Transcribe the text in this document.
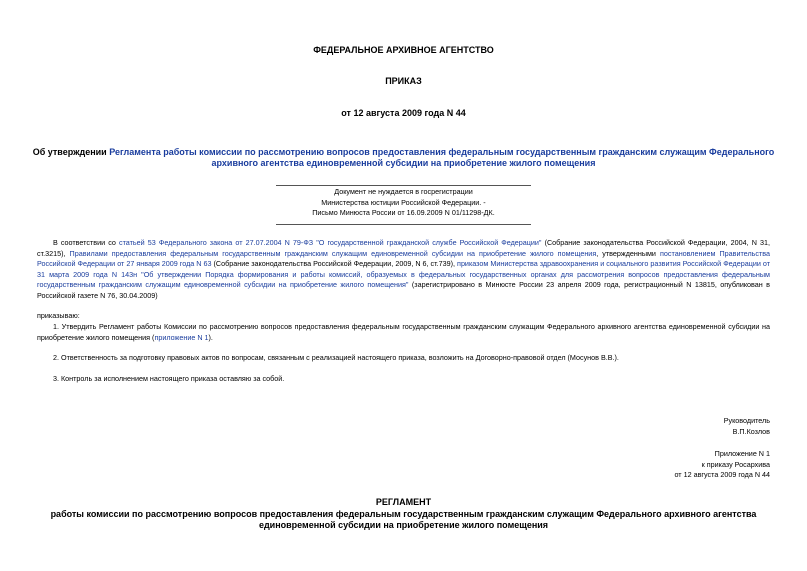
ФЕДЕРАЛЬНОЕ АРХИВНОЕ АГЕНТСТВО
ПРИКАЗ
от 12 августа 2009 года N 44
Об утверждении Регламента работы комиссии по рассмотрению вопросов предоставления федеральным государственным гражданским служащим Федерального архивного агентства единовременной субсидии на приобретение жилого помещения
Документ не нуждается в госрегистрации
Министерства юстиции Российской Федерации. -
Письмо Минюста России от 16.09.2009 N 01/11298-ДК.
В соответствии со статьей 53 Федерального закона от 27.07.2004 N 79-ФЗ "О государственной гражданской службе Российской Федерации" (Собрание законодательства Российской Федерации, 2004, N 31, ст.3215), Правилами предоставления федеральным государственным гражданским служащим единовременной субсидии на приобретение жилого помещения, утвержденными постановлением Правительства Российской Федерации от 27 января 2009 года N 63 (Собрание законодательства Российской Федерации, 2009, N 6, ст.739), приказом Министерства здравоохранения и социального развития Российской Федерации от 31 марта 2009 года N 143н "Об утверждении Порядка формирования и работы комиссий, образуемых в федеральных государственных органах для рассмотрения вопросов предоставления федеральным государственным гражданским служащим единовременной субсидии на приобретение жилого помещения" (зарегистрировано в Минюсте России 23 апреля 2009 года, регистрационный N 13815, опубликован в Российской газете N 76, 30.04.2009)
приказываю:
1. Утвердить Регламент работы Комиссии по рассмотрению вопросов предоставления федеральным государственным гражданским служащим Федерального архивного агентства единовременной субсидии на приобретение жилого помещения (приложение N 1).
2. Ответственность за подготовку правовых актов по вопросам, связанным с реализацией настоящего приказа, возложить на Договорно-правовой отдел (Мосунов В.В.).
3. Контроль за исполнением настоящего приказа оставляю за собой.
Руководитель
В.П.Козлов
Приложение N 1
к приказу Росархива
от 12 августа 2009 года N 44
РЕГЛАМЕНТ
работы комиссии по рассмотрению вопросов предоставления федеральным государственным гражданским служащим Федерального архивного агентства единовременной субсидии на приобретение жилого помещения
